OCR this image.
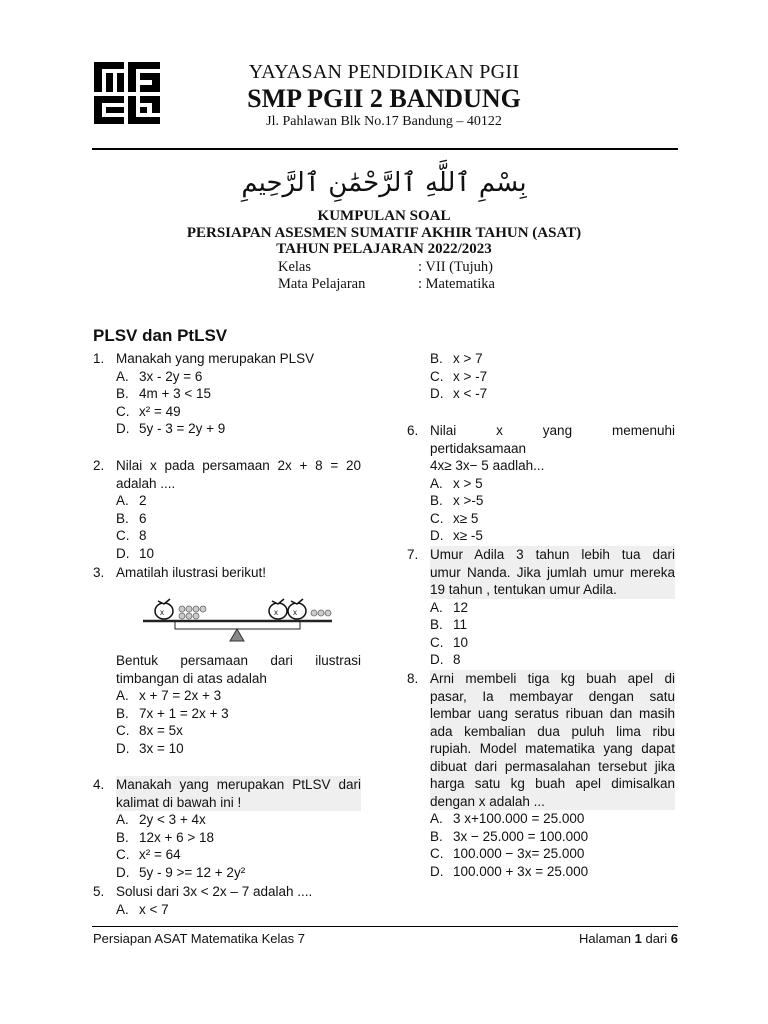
YAYASAN PENDIDIKAN PGII
SMP PGII 2 BANDUNG
Jl. Pahlawan Blk No.17 Bandung – 40122
بِسْمِ ٱللَّهِ ٱلرَّحْمَٰنِ ٱلرَّحِيمِ
KUMPULAN SOAL
PERSIAPAN ASESMEN SUMATIF AKHIR TAHUN (ASAT)
TAHUN PELAJARAN 2022/2023
Kelas	: VII (Tujuh)
Mata Pelajaran	: Matematika
PLSV dan PtLSV
1. Manakah yang merupakan PLSV
A. 3x - 2y = 6
B. 4m + 3 < 15
C. x² = 49
D. 5y - 3 = 2y + 9
2. Nilai x pada persamaan 2x + 8 = 20
adalah ....
A. 2
B. 6
C. 8
D. 10
3. Amatilah ilustrasi berikut!
x	x x
Bentuk persamaan dari ilustrasi
timbangan di atas adalah
A. x + 7 = 2x + 3
B. 7x + 1 = 2x + 3
C. 8x = 5x
D. 3x = 10
4. Manakah yang merupakan PtLSV dari
kalimat di bawah ini !
A. 2y < 3 + 4x
B. 12x + 6 > 18
C. x² = 64
D. 5y - 9 >= 12 + 2y²
5. Solusi dari 3x < 2x – 7 adalah ....
A. x < 7
B. x > 7
C. x > -7
D. x < -7
6. Nilai x yang memenuhi
pertidaksamaan
4x≥ 3x− 5 aadlah...
A. x > 5
B. x >-5
C. x≥ 5
D. x≥ -5
7. Umur Adila 3 tahun lebih tua dari
umur Nanda. Jika jumlah umur mereka
19 tahun , tentukan umur Adila.
A. 12
B. 11
C. 10
D. 8
8. Arni membeli tiga kg buah apel di
pasar, Ia membayar dengan satu
lembar uang seratus ribuan dan masih
ada kembalian dua puluh lima ribu
rupiah. Model matematika yang dapat
dibuat dari permasalahan tersebut jika
harga satu kg buah apel dimisalkan
dengan x adalah ...
A. 3 x+100.000 = 25.000
B. 3x − 25.000 = 100.000
C. 100.000 − 3x= 25.000
D. 100.000 + 3x = 25.000
Persiapan ASAT Matematika Kelas 7	Halaman 1 dari 6
